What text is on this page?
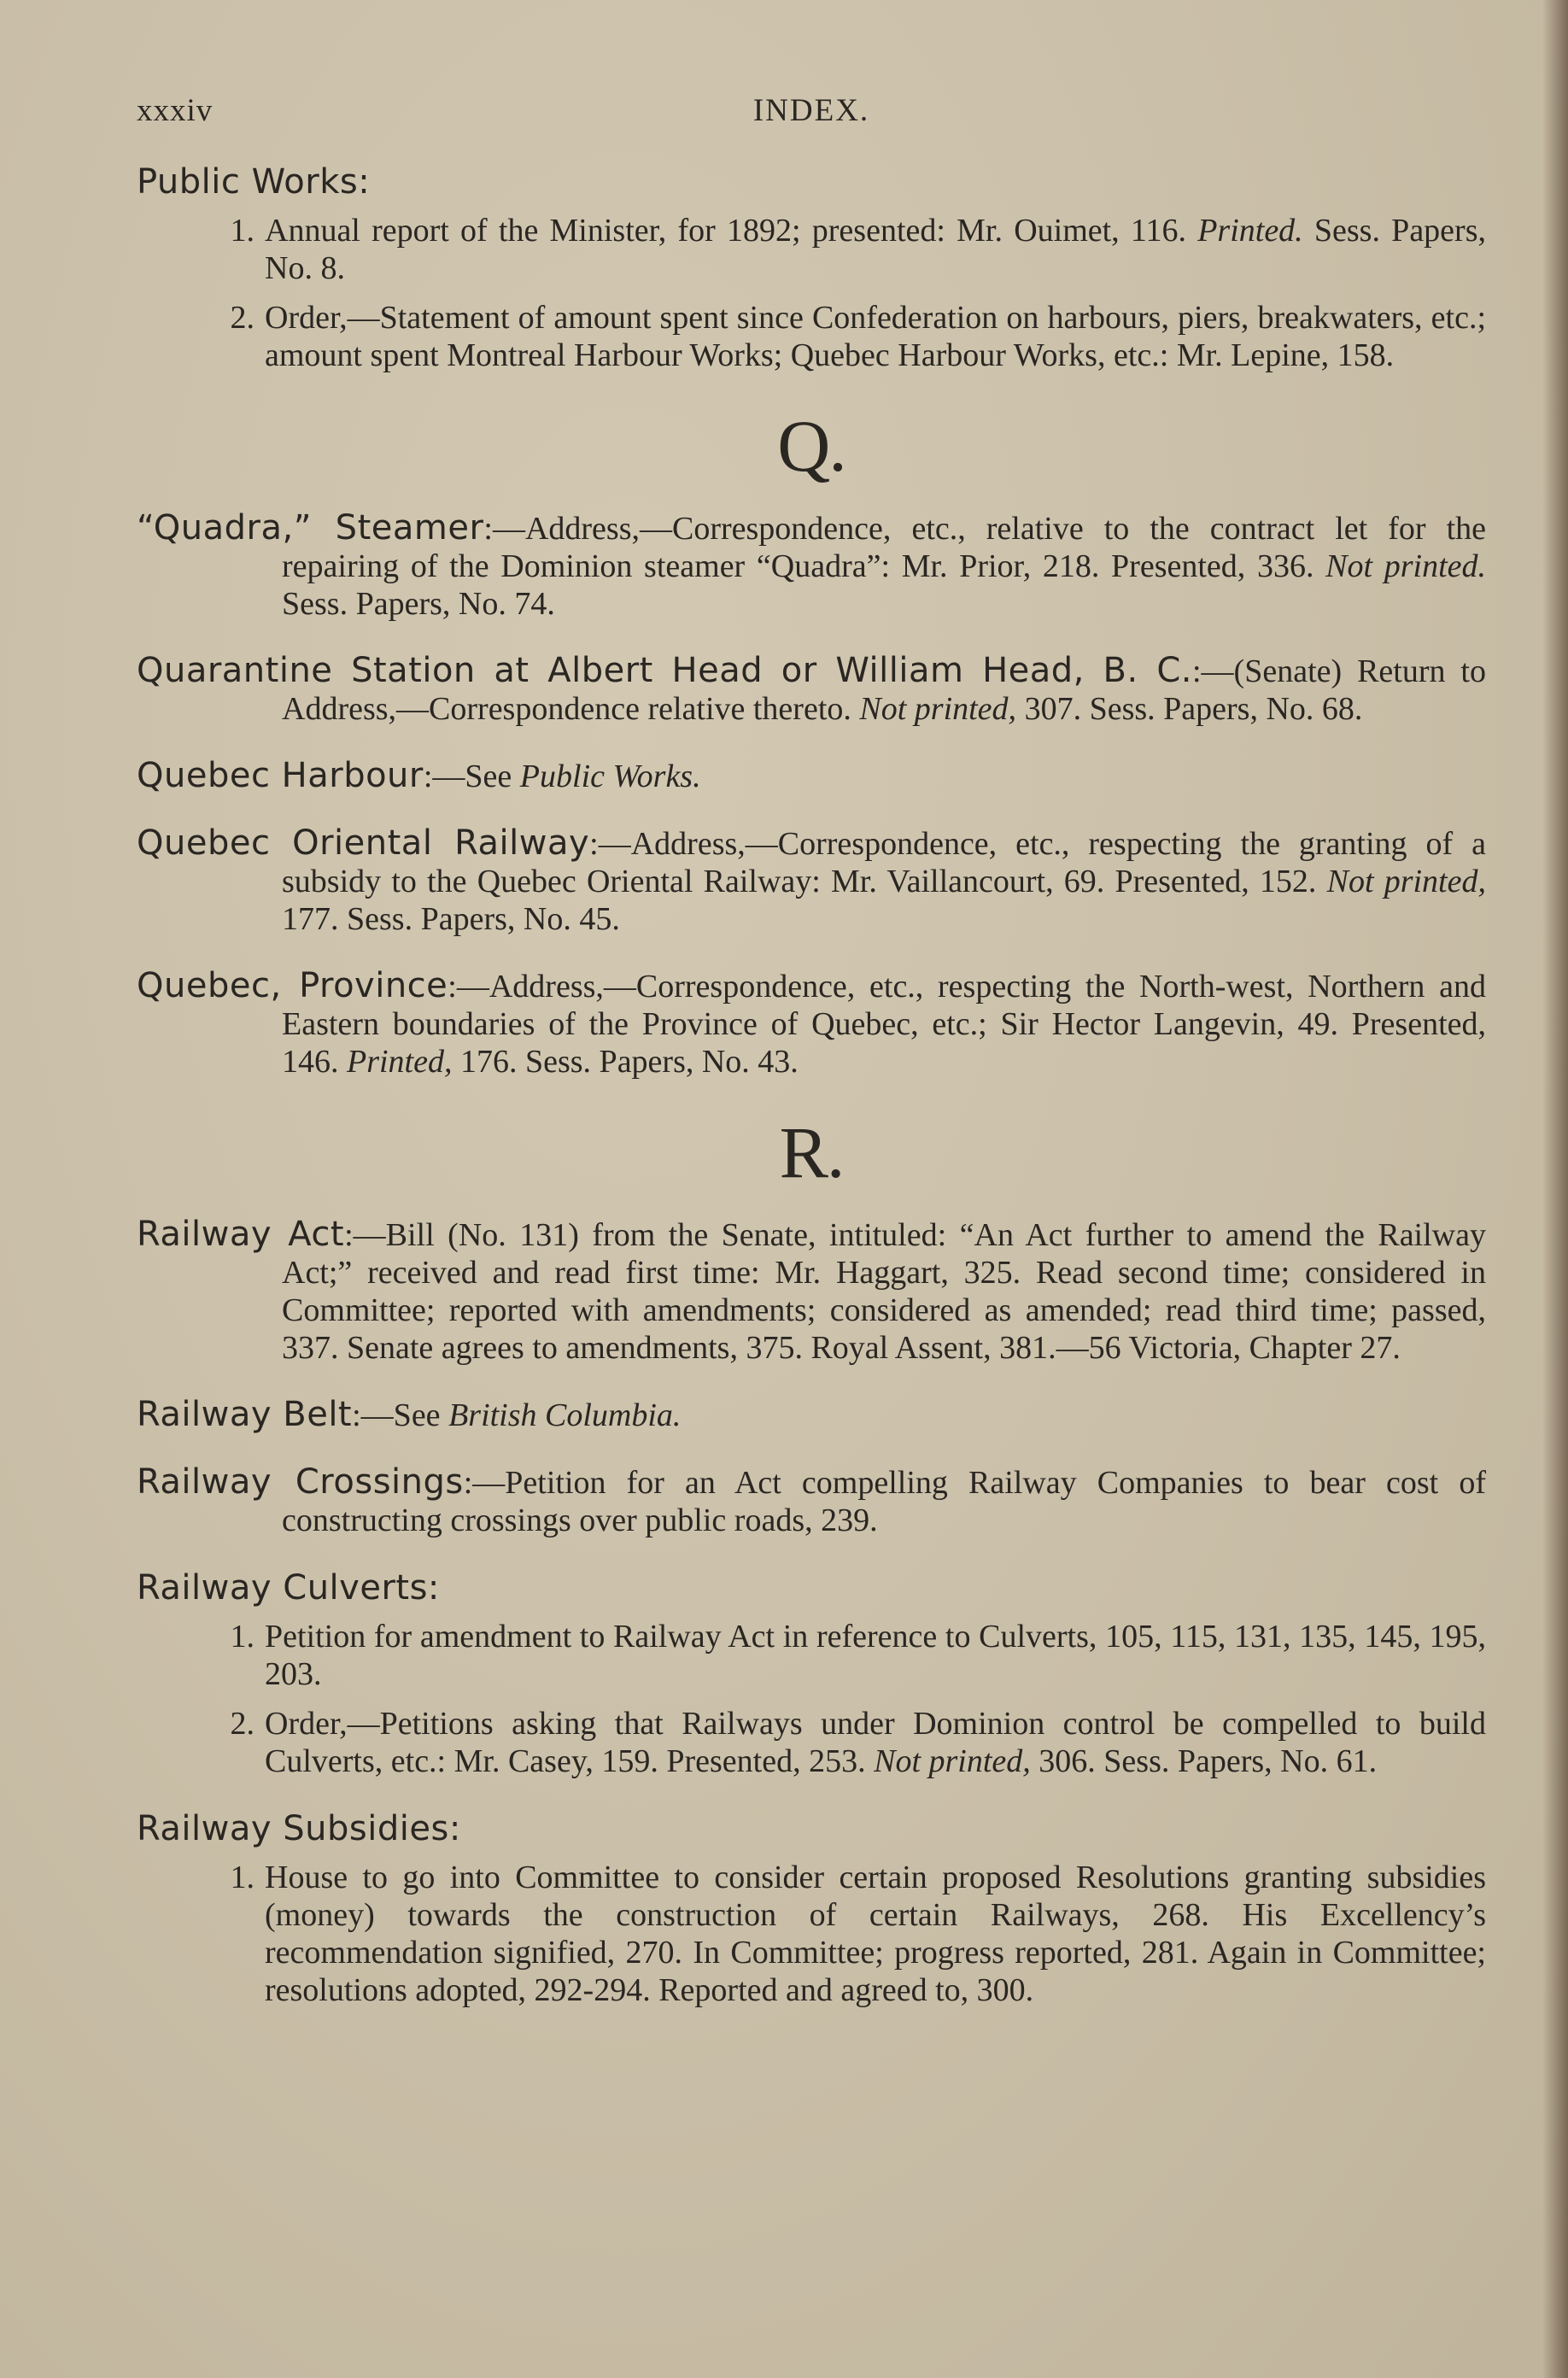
xxxiv	INDEX.
Public Works:
1. Annual report of the Minister, for 1892; presented: Mr. Ouimet, 116. Printed. Sess. Papers, No. 8.
2. Order,—Statement of amount spent since Confederation on harbours, piers, breakwaters, etc.; amount spent Montreal Harbour Works; Quebec Harbour Works, etc.: Mr. Lepine, 158.
Q.

“Quadra,” Steamer:—Address,—Correspondence, etc., relative to the contract let for the repairing of the Dominion steamer “Quadra”: Mr. Prior, 218. Presented, 336. Not printed. Sess. Papers, No. 74.

Quarantine Station at Albert Head or William Head, B. C.:—(Senate) Return to Address,—Correspondence relative thereto. Not printed, 307. Sess. Papers, No. 68.

Quebec Harbour:—See Public Works.

Quebec Oriental Railway:—Address,—Correspondence, etc., respecting the granting of a subsidy to the Quebec Oriental Railway: Mr. Vaillancourt, 69. Presented, 152. Not printed, 177. Sess. Papers, No. 45.

Quebec, Province:—Address,—Correspondence, etc., respecting the North-west, Northern and Eastern boundaries of the Province of Quebec, etc.; Sir Hector Langevin, 49. Presented, 146. Printed, 176. Sess. Papers, No. 43.

R.

Railway Act:—Bill (No. 131) from the Senate, intituled: “An Act further to amend the Railway Act;” received and read first time: Mr. Haggart, 325. Read second time; considered in Committee; reported with amendments; considered as amended; read third time; passed, 337. Senate agrees to amendments, 375. Royal Assent, 381.—56 Victoria, Chapter 27.

Railway Belt:—See British Columbia.

Railway Crossings:—Petition for an Act compelling Railway Companies to bear cost of constructing crossings over public roads, 239.

Railway Culverts:
1. Petition for amendment to Railway Act in reference to Culverts, 105, 115, 131, 135, 145, 195, 203.
2. Order,—Petitions asking that Railways under Dominion control be compelled to build Culverts, etc.: Mr. Casey, 159. Presented, 253. Not printed, 306. Sess. Papers, No. 61.
Railway Subsidies:
1. House to go into Committee to consider certain proposed Resolutions granting subsidies (money) towards the construction of certain Railways, 268. His Excellency’s recommendation signified, 270. In Committee; progress reported, 281. Again in Committee; resolutions adopted, 292-294. Reported and agreed to, 300.
